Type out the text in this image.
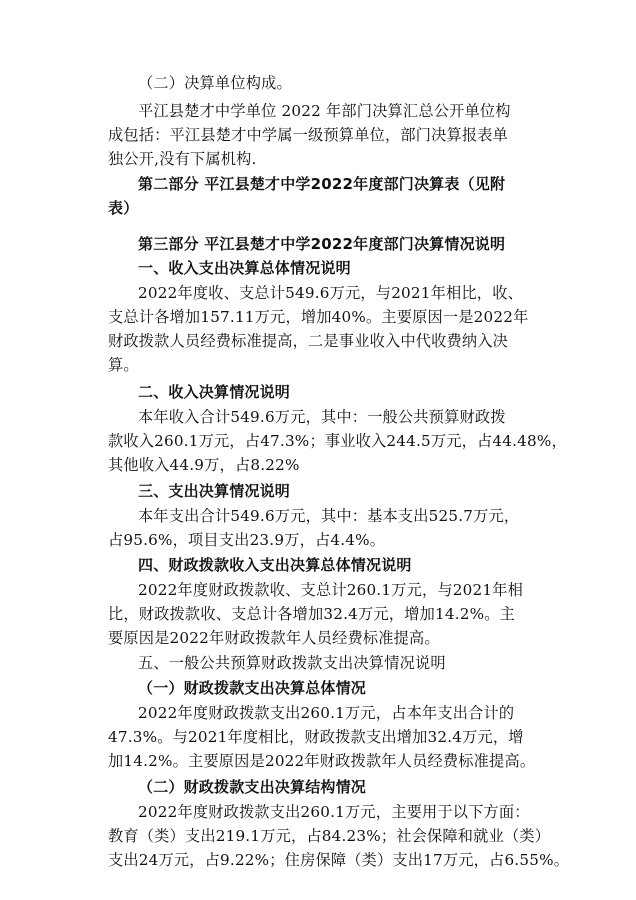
（二）决算单位构成。
平江县楚才中学单位 2022 年部门决算汇总公开单位构
成包括：平江县楚才中学属一级预算单位，部门决算报表单
独公开,没有下属机构.
第二部分 平江县楚才中学2022年度部门决算表（见附
表）
第三部分 平江县楚才中学2022年度部门决算情况说明
一、收入支出决算总体情况说明
2022年度收、支总计549.6万元，与2021年相比，收、
支总计各增加157.11万元，增加40%。主要原因一是2022年
财政拨款人员经费标准提高，二是事业收入中代收费纳入决
算。
二、收入决算情况说明
本年收入合计549.6万元，其中：一般公共预算财政拨
款收入260.1万元，占47.3%；事业收入244.5万元，占44.48%，
其他收入44.9万，占8.22%
三、支出决算情况说明
本年支出合计549.6万元，其中：基本支出525.7万元，
占95.6%，项目支出23.9万，占4.4%。
四、财政拨款收入支出决算总体情况说明
2022年度财政拨款收、支总计260.1万元，与2021年相
比，财政拨款收、支总计各增加32.4万元，增加14.2%。主
要原因是2022年财政拨款年人员经费标准提高。
五、一般公共预算财政拨款支出决算情况说明
（一）财政拨款支出决算总体情况
2022年度财政拨款支出260.1万元，占本年支出合计的
47.3%。与2021年度相比，财政拨款支出增加32.4万元，增
加14.2%。主要原因是2022年财政拨款年人员经费标准提高。
（二）财政拨款支出决算结构情况
2022年度财政拨款支出260.1万元，主要用于以下方面：
教育（类）支出219.1万元，占84.23%；社会保障和就业（类）
支出24万元，占9.22%；住房保障（类）支出17万元，占6.55%。
